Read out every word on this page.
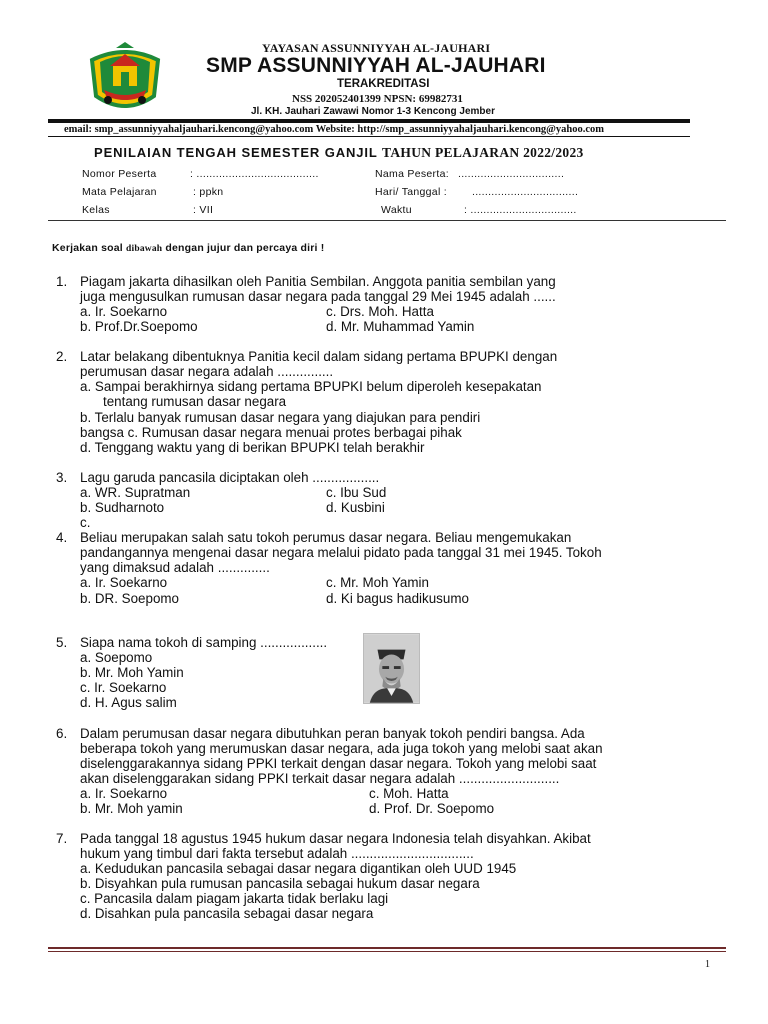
YAYASAN ASSUNNIYYAH AL-JAUHARI
SMP ASSUNNIYYAH AL-JAUHARI
TERAKREDITASI
NSS 202052401399 NPSN: 69982731
Jl. KH. Jauhari Zawawi Nomor 1-3 Kencong Jember
email: smp_assunniyyahaljauhari.kencong@yahoo.com Website: http://smp_assunniyyahaljauhari.kencong@yahoo.com
PENILAIAN TENGAH SEMESTER GANJIL TAHUN PELAJARAN 2022/2023
Nomor Peserta	: ......................................
Mata Pelajaran	: ppkn
Kelas	: VII
Nama Peserta: .................................
Hari/ Tanggal : .................................
Waktu	: .................................
Kerjakan soal dibawah dengan jujur dan percaya diri !
1. Piagam jakarta dihasilkan oleh Panitia Sembilan. Anggota panitia sembilan yang
juga mengusulkan rumusan dasar negara pada tanggal 29 Mei 1945 adalah ......
a. Ir. Soekarno	c. Drs. Moh. Hatta
b. Prof.Dr.Soepomo	d. Mr. Muhammad Yamin
2. Latar belakang dibentuknya Panitia kecil dalam sidang pertama BPUPKI dengan
perumusan dasar negara adalah ...............
a. Sampai berakhirnya sidang pertama BPUPKI belum diperoleh kesepakatan
tentang rumusan dasar negara
b. Terlalu banyak rumusan dasar negara yang diajukan para pendiri
bangsa c. Rumusan dasar negara menuai protes berbagai pihak
d. Tenggang waktu yang di berikan BPUPKI telah berakhir
3. Lagu garuda pancasila diciptakan oleh ..................
a. WR. Supratman	c. Ibu Sud
b. Sudharnoto	d. Kusbini
c.
4. Beliau merupakan salah satu tokoh perumus dasar negara. Beliau mengemukakan
pandangannya mengenai dasar negara melalui pidato pada tanggal 31 mei 1945. Tokoh
yang dimaksud adalah ..............
a. Ir. Soekarno	c. Mr. Moh Yamin
b. DR. Soepomo	d. Ki bagus hadikusumo
5. Siapa nama tokoh di samping ..................
a. Soepomo
b. Mr. Moh Yamin
c. Ir. Soekarno
d. H. Agus salim
6. Dalam perumusan dasar negara dibutuhkan peran banyak tokoh pendiri bangsa. Ada
beberapa tokoh yang merumuskan dasar negara, ada juga tokoh yang melobi saat akan
diselenggarakannya sidang PPKI terkait dengan dasar negara. Tokoh yang melobi saat
akan diselenggarakan sidang PPKI terkait dasar negara adalah ...........................
a. Ir. Soekarno	c. Moh. Hatta
b. Mr. Moh yamin	d. Prof. Dr. Soepomo
7. Pada tanggal 18 agustus 1945 hukum dasar negara Indonesia telah disyahkan. Akibat
hukum yang timbul dari fakta tersebut adalah .................................
a. Kedudukan pancasila sebagai dasar negara digantikan oleh UUD 1945
b. Disyahkan pula rumusan pancasila sebagai hukum dasar negara
c. Pancasila dalam piagam jakarta tidak berlaku lagi
d. Disahkan pula pancasila sebagai dasar negara
1
